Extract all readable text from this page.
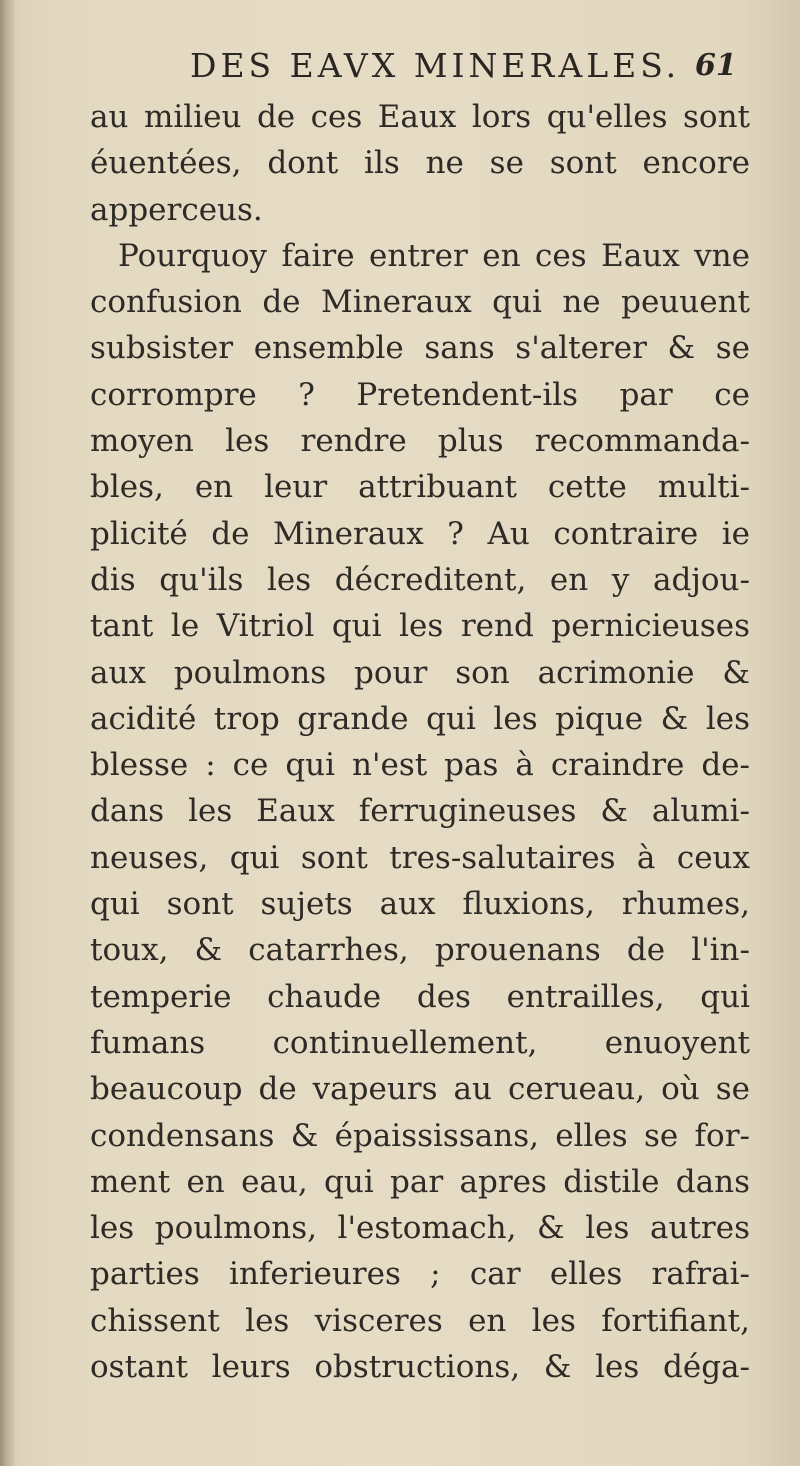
DES EAVX MINERALES. 61
au milieu de ces Eaux lors qu'elles sont
éuentées, dont ils ne se sont encore
apperceus.
Pourquoy faire entrer en ces Eaux vne
confusion de Mineraux qui ne peuuent
subsister ensemble sans s'alterer & se
corrompre ? Pretendent-ils par ce
moyen les rendre plus recommanda-
bles, en leur attribuant cette multi-
plicité de Mineraux ? Au contraire ie
dis qu'ils les décreditent, en y adjou-
tant le Vitriol qui les rend pernicieuses
aux poulmons pour son acrimonie &
acidité trop grande qui les pique & les
blesse : ce qui n'est pas à craindre de-
dans les Eaux ferrugineuses & alumi-
neuses, qui sont tres-salutaires à ceux
qui sont sujets aux fluxions, rhumes,
toux, & catarrhes, prouenans de l'in-
temperie chaude des entrailles, qui
fumans continuellement, enuoyent
beaucoup de vapeurs au cerueau, où se
condensans & épaississans, elles se for-
ment en eau, qui par apres distile dans
les poulmons, l'estomach, & les autres
parties inferieures ; car elles rafrai-
chissent les visceres en les fortifiant,
ostant leurs obstructions, & les déga-
